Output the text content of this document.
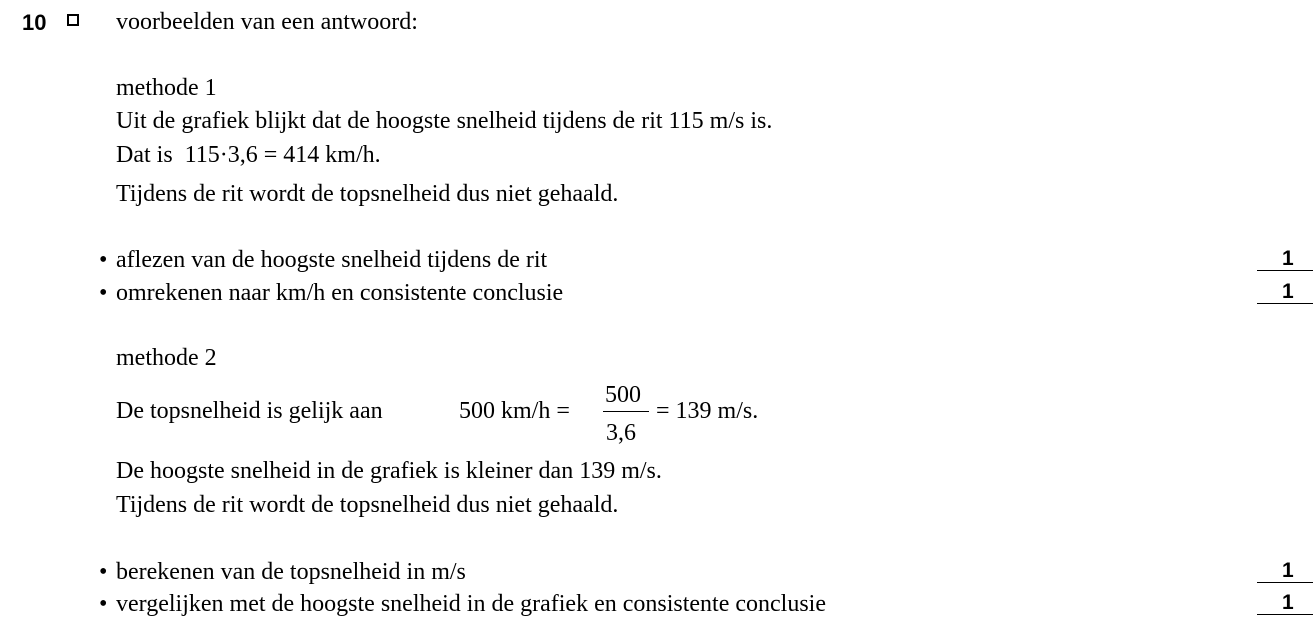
10	voorbeelden van een antwoord:
methode 1
Uit de grafiek blijkt dat de hoogste snelheid tijdens de rit 115 m/s is.
Dat is 115·3,6 = 414 km/h.
Tijdens de rit wordt de topsnelheid dus niet gehaald.
• aflezen van de hoogste snelheid tijdens de rit	1
• omrekenen naar km/h en consistente conclusie	1
methode 2
De topsnelheid is gelijk aan	500 km/h =
500
3,6
= 139 m/s.
De hoogste snelheid in de grafiek is kleiner dan 139 m/s.
Tijdens de rit wordt de topsnelheid dus niet gehaald.
• berekenen van de topsnelheid in m/s	1
• vergelijken met de hoogste snelheid in de grafiek en consistente conclusie	1
